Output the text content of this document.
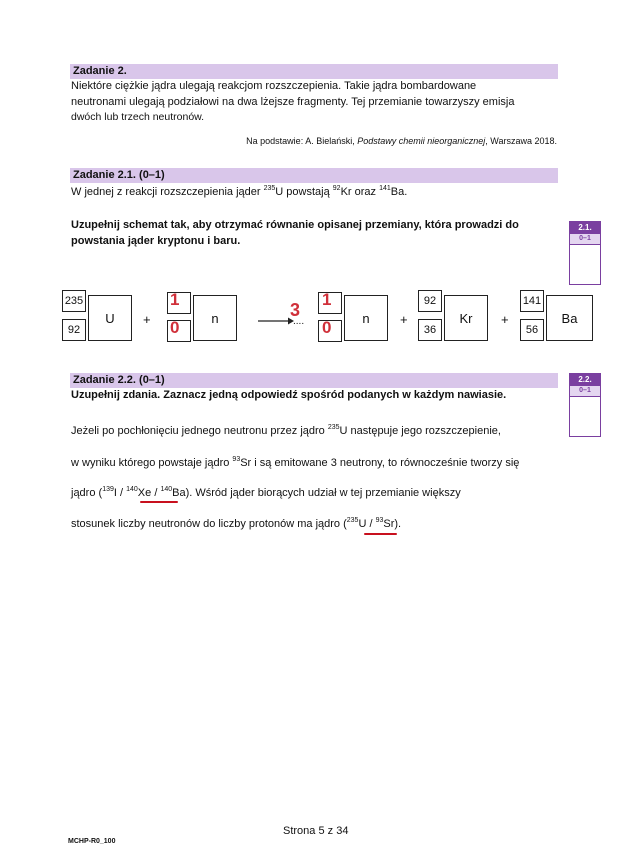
Zadanie 2.
Niektóre ciężkie jądra ulegają reakcjom rozszczepienia. Takie jądra bombardowane
neutronami ulegają podziałowi na dwa lżejsze fragmenty. Tej przemianie towarzyszy emisja
dwóch lub trzech neutronów.
Na podstawie: A. Bielański, Podstawy chemii nieorganicznej, Warszawa 2018.
Zadanie 2.1. (0–1)
W jednej z reakcji rozszczepienia jąder $^{235}$U powstają $^{92}$Kr oraz $^{141}$Ba.
Uzupełnij schemat tak, aby otrzymać równanie opisanej przemiany, która prowadzi do
powstania jąder kryptonu i baru.
2.1.
0–1
235
92
U	+
1
0	n	3
....
1
0	n	+
92
36
Kr	+
141
56
Ba
Zadanie 2.2. (0–1)
Uzupełnij zdania. Zaznacz jedną odpowiedź spośród podanych w każdym nawiasie.
2.2.
0–1
Jeżeli po pochłonięciu jednego neutronu przez jądro $^{235}$U następuje jego rozszczepienie,
w wyniku którego powstaje jądro $^{93}$Sr i są emitowane 3 neutrony, to równocześnie tworzy się
jądro ($^{139}$I / $^{140}$Xe / $^{140}$Ba). Wśród jąder biorących udział w tej przemianie większy
stosunek liczby neutronów do liczby protonów ma jądro ($^{235}$U / $^{93}$Sr).
Strona 5 z 34
MCHP-R0_100
